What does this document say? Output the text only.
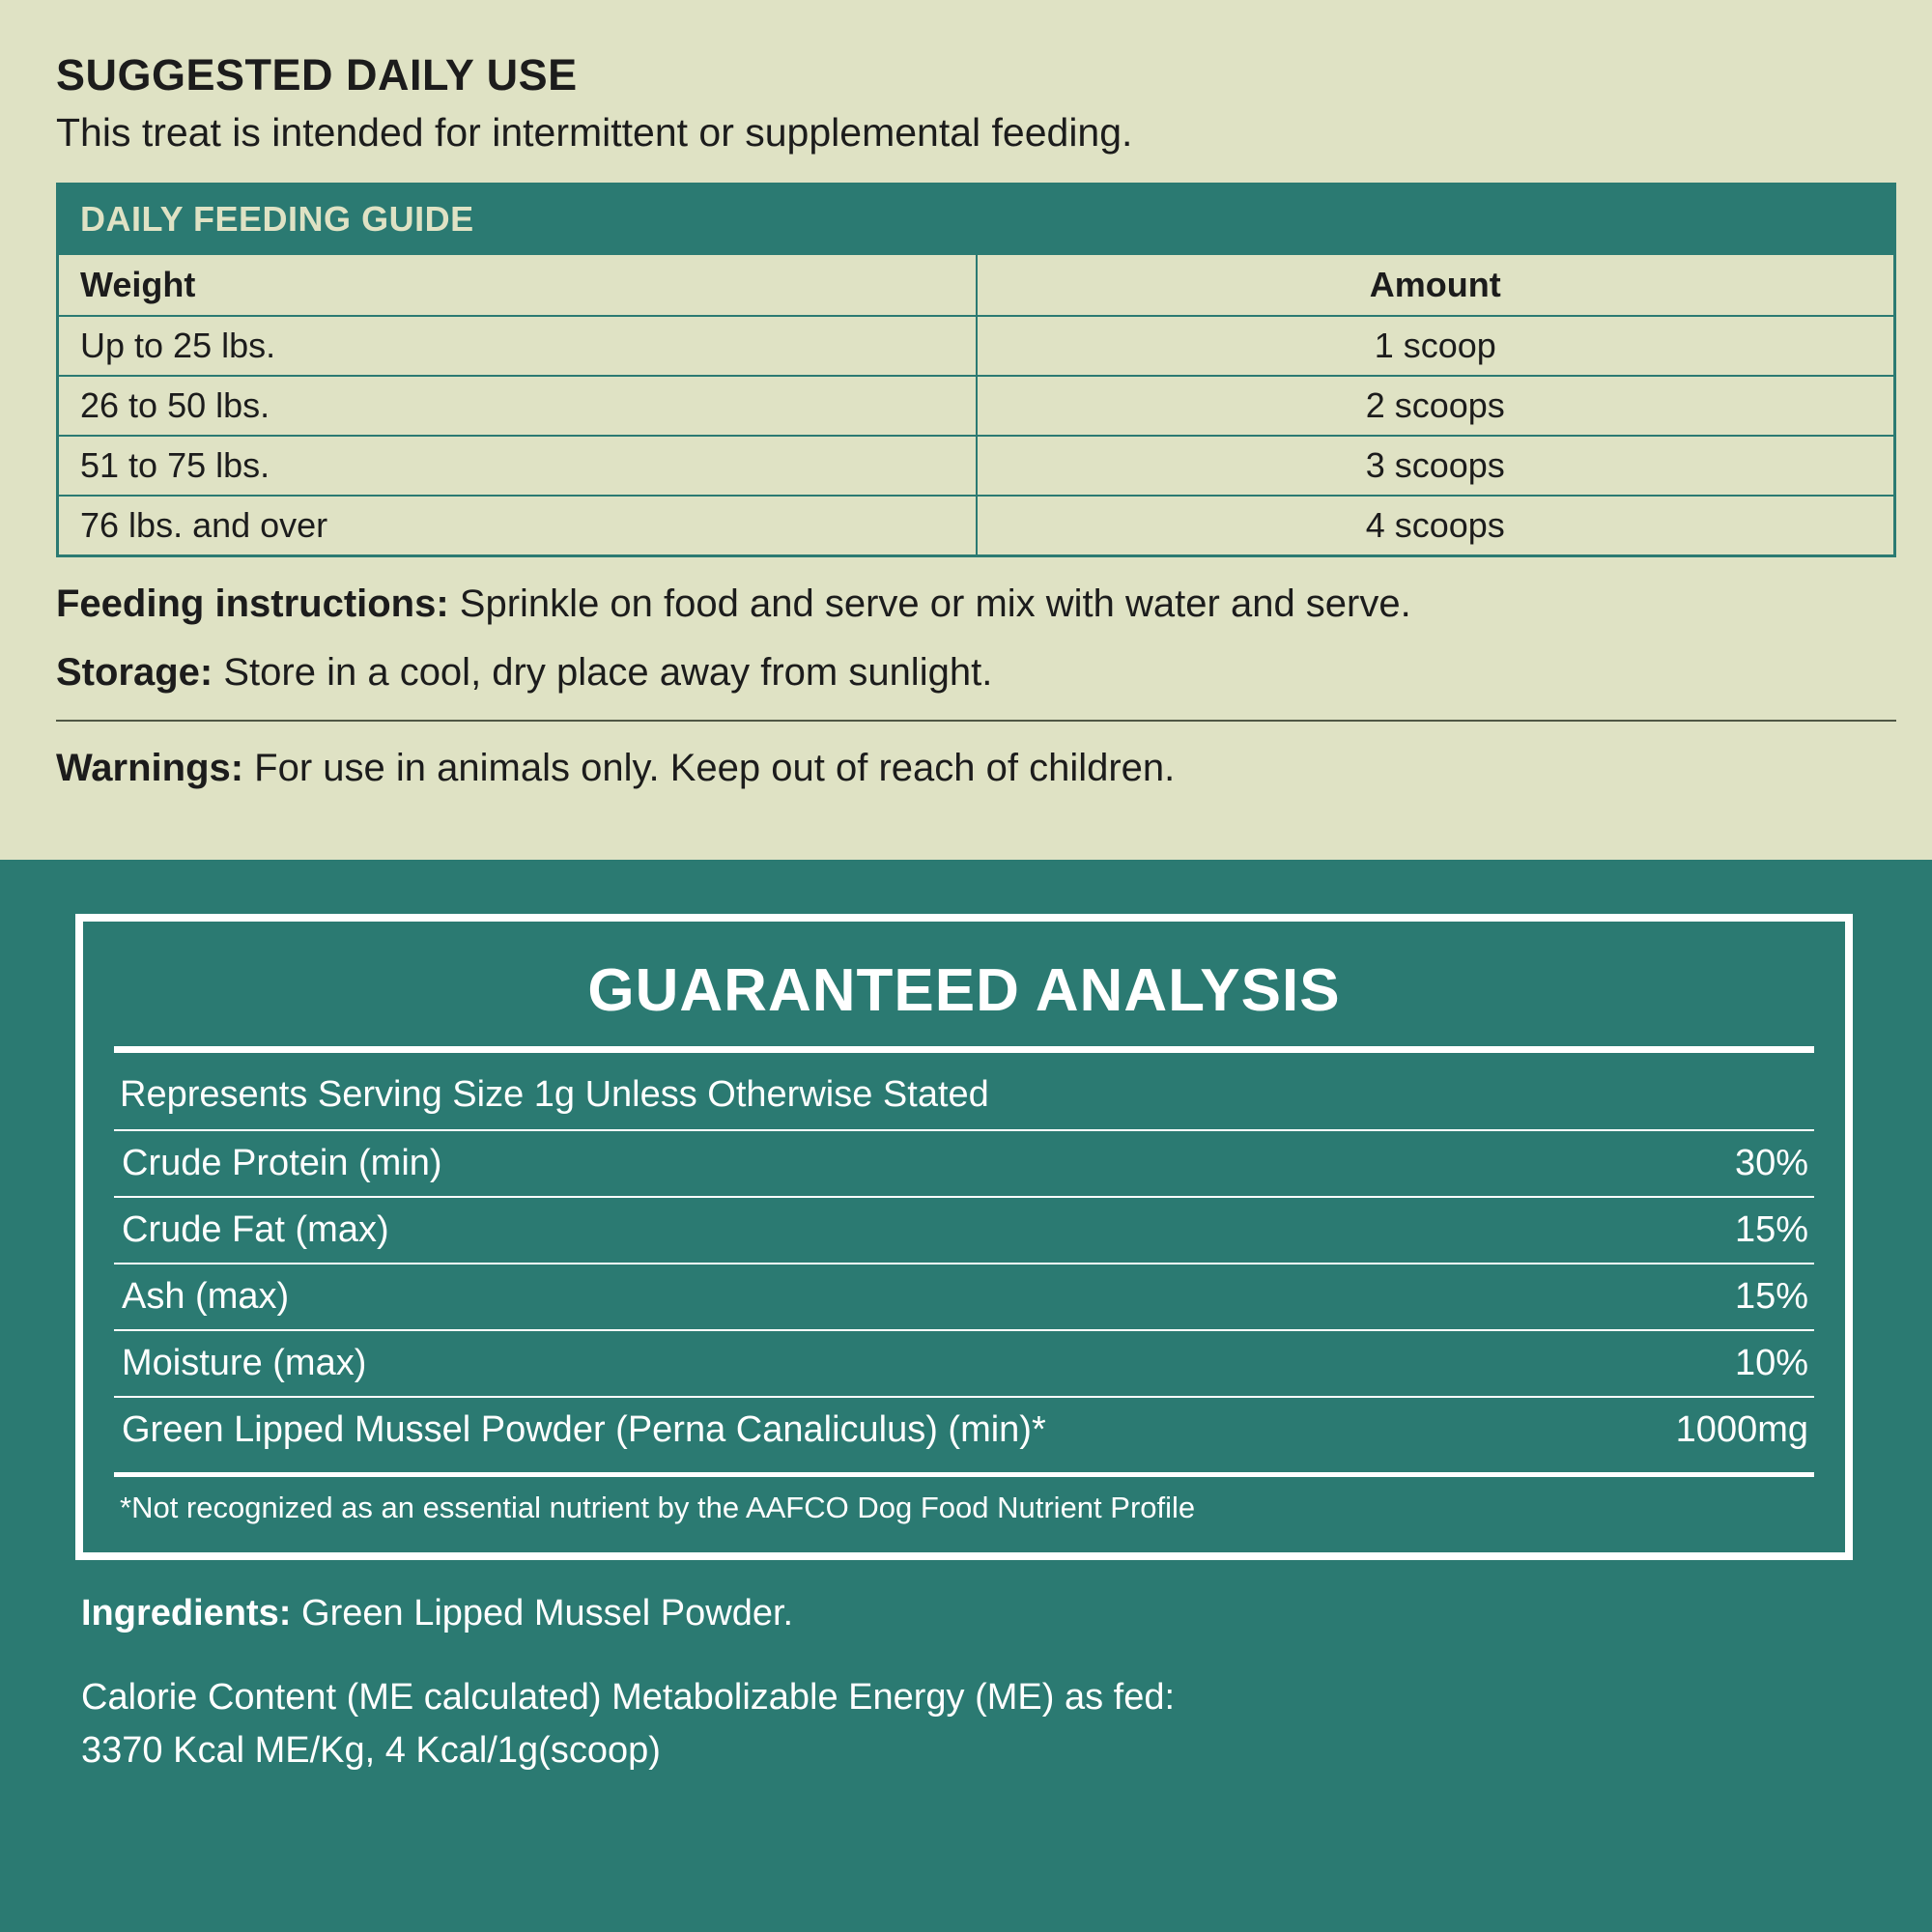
SUGGESTED DAILY USE

This treat is intended for intermittent or supplemental feeding.

DAILY FEEDING GUIDE	
Weight	Amount
Up to 25 lbs.	1 scoop
26 to 50 lbs.	2 scoops
51 to 75 lbs.	3 scoops
76 lbs. and over	4 scoops

Feeding instructions: Sprinkle on food and serve or mix with water and serve.

Storage: Store in a cool, dry place away from sunlight.

Warnings: For use in animals only. Keep out of reach of children.

GUARANTEED ANALYSIS
Represents Serving Size 1g Unless Otherwise Stated
Crude Protein (min)	30%
Crude Fat (max)	15%
Ash (max)	15%
Moisture (max)	10%
Green Lipped Mussel Powder (Perna Canaliculus) (min)*	1000mg
*Not recognized as an essential nutrient by the AAFCO Dog Food Nutrient Profile

Ingredients: Green Lipped Mussel Powder.

Calorie Content (ME calculated) Metabolizable Energy (ME) as fed:
3370 Kcal ME/Kg, 4 Kcal/1g(scoop)
